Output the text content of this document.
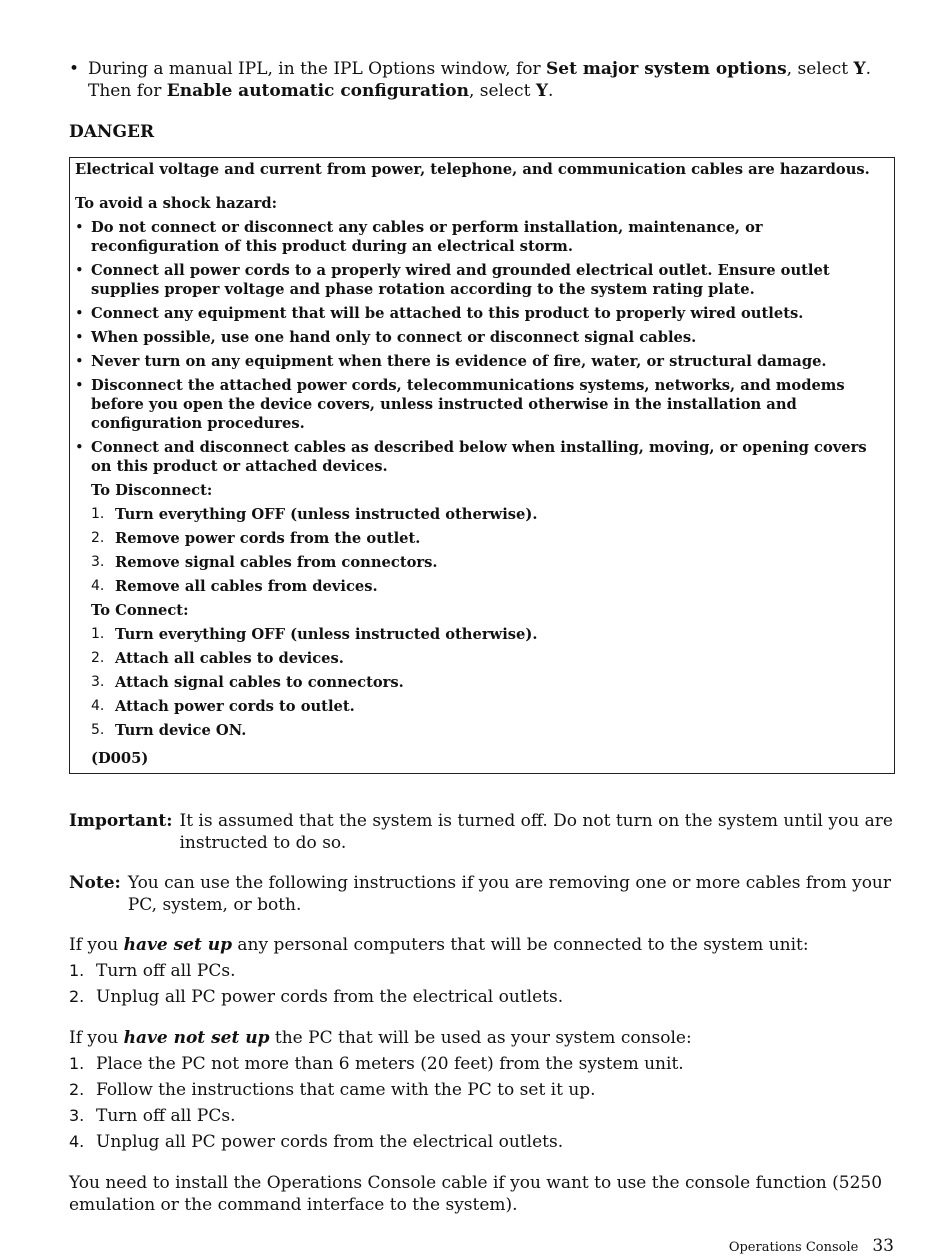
• During a manual IPL, in the IPL Options window, for Set major system options, select Y. Then for Enable automatic configuration, select Y.
DANGER
Electrical voltage and current from power, telephone, and communication cables are hazardous.
To avoid a shock hazard:
• Do not connect or disconnect any cables or perform installation, maintenance, or reconfiguration of this product during an electrical storm.
• Connect all power cords to a properly wired and grounded electrical outlet. Ensure outlet supplies proper voltage and phase rotation according to the system rating plate.
• Connect any equipment that will be attached to this product to properly wired outlets.
• When possible, use one hand only to connect or disconnect signal cables.
• Never turn on any equipment when there is evidence of fire, water, or structural damage.
• Disconnect the attached power cords, telecommunications systems, networks, and modems before you open the device covers, unless instructed otherwise in the installation and configuration procedures.
• Connect and disconnect cables as described below when installing, moving, or opening covers on this product or attached devices.
To Disconnect:
1. Turn everything OFF (unless instructed otherwise).
2. Remove power cords from the outlet.
3. Remove signal cables from connectors.
4. Remove all cables from devices.
To Connect:
1. Turn everything OFF (unless instructed otherwise).
2. Attach all cables to devices.
3. Attach signal cables to connectors.
4. Attach power cords to outlet.
5. Turn device ON.
(D005)
Important: It is assumed that the system is turned off. Do not turn on the system until you are instructed to do so.
Note: You can use the following instructions if you are removing one or more cables from your PC, system, or both.
If you have set up any personal computers that will be connected to the system unit:
1. Turn off all PCs.
2. Unplug all PC power cords from the electrical outlets.
If you have not set up the PC that will be used as your system console:
1. Place the PC not more than 6 meters (20 feet) from the system unit.
2. Follow the instructions that came with the PC to set it up.
3. Turn off all PCs.
4. Unplug all PC power cords from the electrical outlets.
You need to install the Operations Console cable if you want to use the console function (5250 emulation or the command interface to the system).
Operations Console 33
